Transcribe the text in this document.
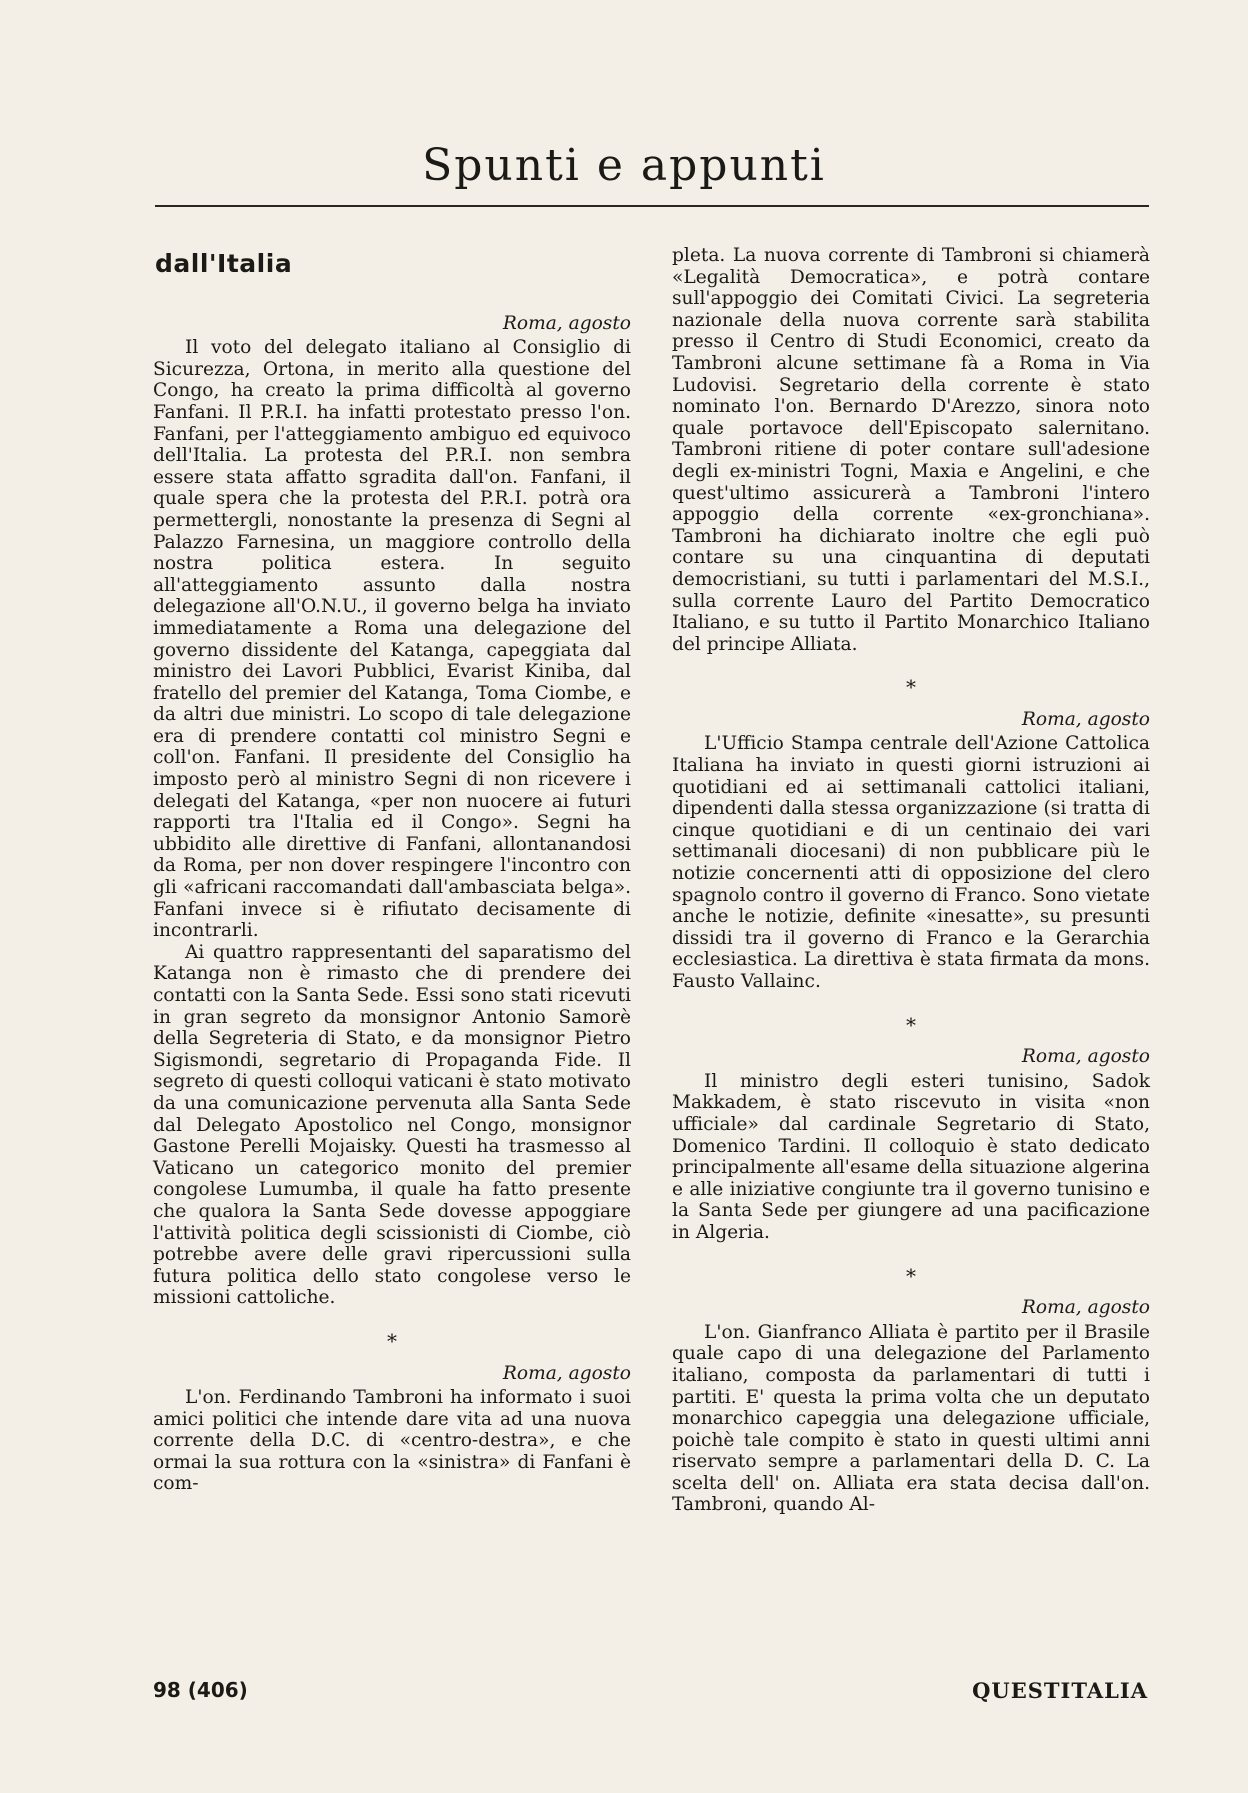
Spunti e appunti
dall'Italia
Roma, agosto

Il voto del delegato italiano al Consiglio di Sicurezza, Ortona, in merito alla questione del Congo, ha creato la prima difficoltà al governo Fanfani. Il P.R.I. ha infatti protestato presso l'on. Fanfani, per l'atteggiamento ambiguo ed equivoco dell'Italia. La protesta del P.R.I. non sembra essere stata affatto sgradita dall'on. Fanfani, il quale spera che la protesta del P.R.I. potrà ora permettergli, nonostante la presenza di Segni al Palazzo Farnesina, un maggiore controllo della nostra politica estera. In seguito all'atteggiamento assunto dalla nostra delegazione all'O.N.U., il governo belga ha inviato immediatamente a Roma una delegazione del governo dissidente del Katanga, capeggiata dal ministro dei Lavori Pubblici, Evarist Kiniba, dal fratello del premier del Katanga, Toma Ciombe, e da altri due ministri. Lo scopo di tale delegazione era di prendere contatti col ministro Segni e coll'on. Fanfani. Il presidente del Consiglio ha imposto però al ministro Segni di non ricevere i delegati del Katanga, «per non nuocere ai futuri rapporti tra l'Italia ed il Congo». Segni ha ubbidito alle direttive di Fanfani, allontanandosi da Roma, per non dover respingere l'incontro con gli «africani raccomandati dall'ambasciata belga». Fanfani invece si è rifiutato decisamente di incontrarli.

Ai quattro rappresentanti del saparatismo del Katanga non è rimasto che di prendere dei contatti con la Santa Sede. Essi sono stati ricevuti in gran segreto da monsignor Antonio Samorè della Segreteria di Stato, e da monsignor Pietro Sigismondi, segretario di Propaganda Fide. Il segreto di questi colloqui vaticani è stato motivato da una comunicazione pervenuta alla Santa Sede dal Delegato Apostolico nel Congo, monsignor Gastone Perelli Mojaisky. Questi ha trasmesso al Vaticano un categorico monito del premier congolese Lumumba, il quale ha fatto presente che qualora la Santa Sede dovesse appoggiare l'attività politica degli scissionisti di Ciombe, ciò potrebbe avere delle gravi ripercussioni sulla futura politica dello stato congolese verso le missioni cattoliche.

*
Roma, agosto

L'on. Ferdinando Tambroni ha informato i suoi amici politici che intende dare vita ad una nuova corrente della D.C. di «centro-destra», e che ormai la sua rottura con la «sinistra» di Fanfani è com-

pleta. La nuova corrente di Tambroni si chiamerà «Legalità Democratica», e potrà contare sull'appoggio dei Comitati Civici. La segreteria nazionale della nuova corrente sarà stabilita presso il Centro di Studi Economici, creato da Tambroni alcune settimane fà a Roma in Via Ludovisi. Segretario della corrente è stato nominato l'on. Bernardo D'Arezzo, sinora noto quale portavoce dell'Episcopato salernitano. Tambroni ritiene di poter contare sull'adesione degli ex-ministri Togni, Maxia e Angelini, e che quest'ultimo assicurerà a Tambroni l'intero appoggio della corrente «ex-gronchiana». Tambroni ha dichiarato inoltre che egli può contare su una cinquantina di deputati democristiani, su tutti i parlamentari del M.S.I., sulla corrente Lauro del Partito Democratico Italiano, e su tutto il Partito Monarchico Italiano del principe Alliata.

*
Roma, agosto

L'Ufficio Stampa centrale dell'Azione Cattolica Italiana ha inviato in questi giorni istruzioni ai quotidiani ed ai settimanali cattolici italiani, dipendenti dalla stessa organizzazione (si tratta di cinque quotidiani e di un centinaio dei vari settimanali diocesani) di non pubblicare più le notizie concernenti atti di opposizione del clero spagnolo contro il governo di Franco. Sono vietate anche le notizie, definite «inesatte», su presunti dissidi tra il governo di Franco e la Gerarchia ecclesiastica. La direttiva è stata firmata da mons. Fausto Vallainc.

*
Roma, agosto

Il ministro degli esteri tunisino, Sadok Makkadem, è stato riscevuto in visita «non ufficiale» dal cardinale Segretario di Stato, Domenico Tardini. Il colloquio è stato dedicato principalmente all'esame della situazione algerina e alle iniziative congiunte tra il governo tunisino e la Santa Sede per giungere ad una pacificazione in Algeria.

*
Roma, agosto

L'on. Gianfranco Alliata è partito per il Brasile quale capo di una delegazione del Parlamento italiano, composta da parlamentari di tutti i partiti. E' questa la prima volta che un deputato monarchico capeggia una delegazione ufficiale, poichè tale compito è stato in questi ultimi anni riservato sempre a parlamentari della D. C. La scelta dell' on. Alliata era stata decisa dall'on. Tambroni, quando Al-

98 (406)	QUESTITALIA
